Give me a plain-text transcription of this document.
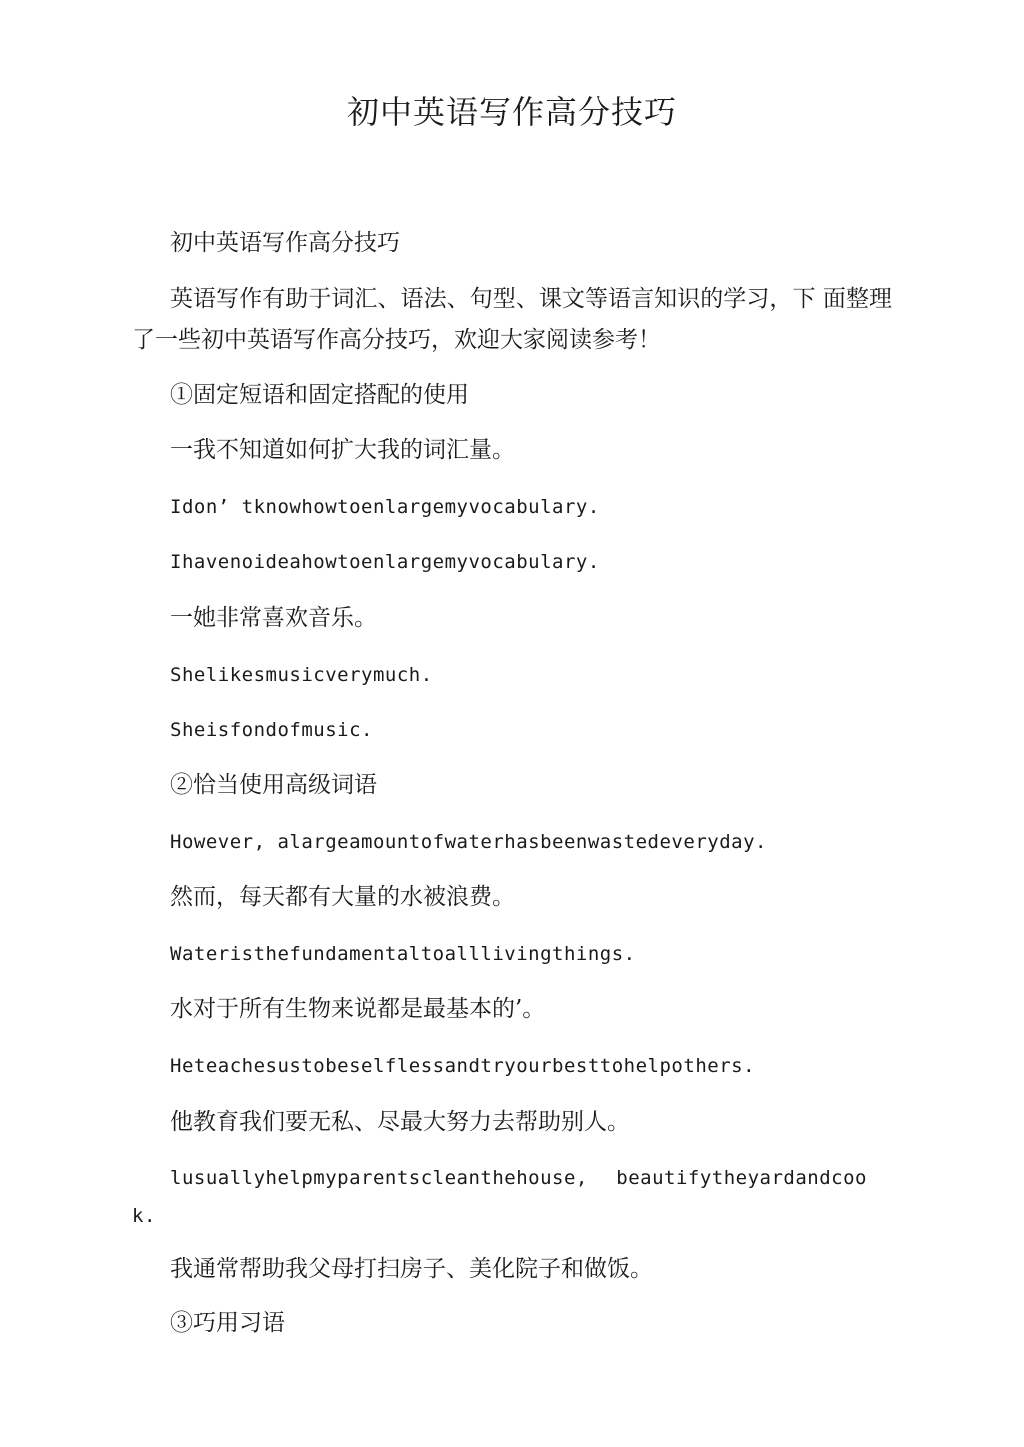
初中英语写作高分技巧
初中英语写作高分技巧
英语写作有助于词汇、语法、句型、课文等语言知识的学习，下 面整理了一些初中英语写作高分技巧，欢迎大家阅读参考！
①固定短语和固定搭配的使用
一我不知道如何扩大我的词汇量。
Idon’ tknowhowtoenlargemyvocabulary.
Ihavenoideahowtoenlargemyvocabulary.
一她非常喜欢音乐。
Shelikesmusicverymuch.
Sheisfondofmusic.
②恰当使用高级词语
However, alargeamountofwaterhasbeenwastedeveryday.
然而，每天都有大量的水被浪费。
Wateristhefundamentaltoalllivingthings.
水对于所有生物来说都是最基本的’。
Heteachesustobeselflessandtryourbesttohelpothers.
他教育我们要无私、尽最大努力去帮助别人。
lusuallyhelpmyparentscleanthehouse, beautifytheyardandcook.
我通常帮助我父母打扫房子、美化院子和做饭。
③巧用习语
